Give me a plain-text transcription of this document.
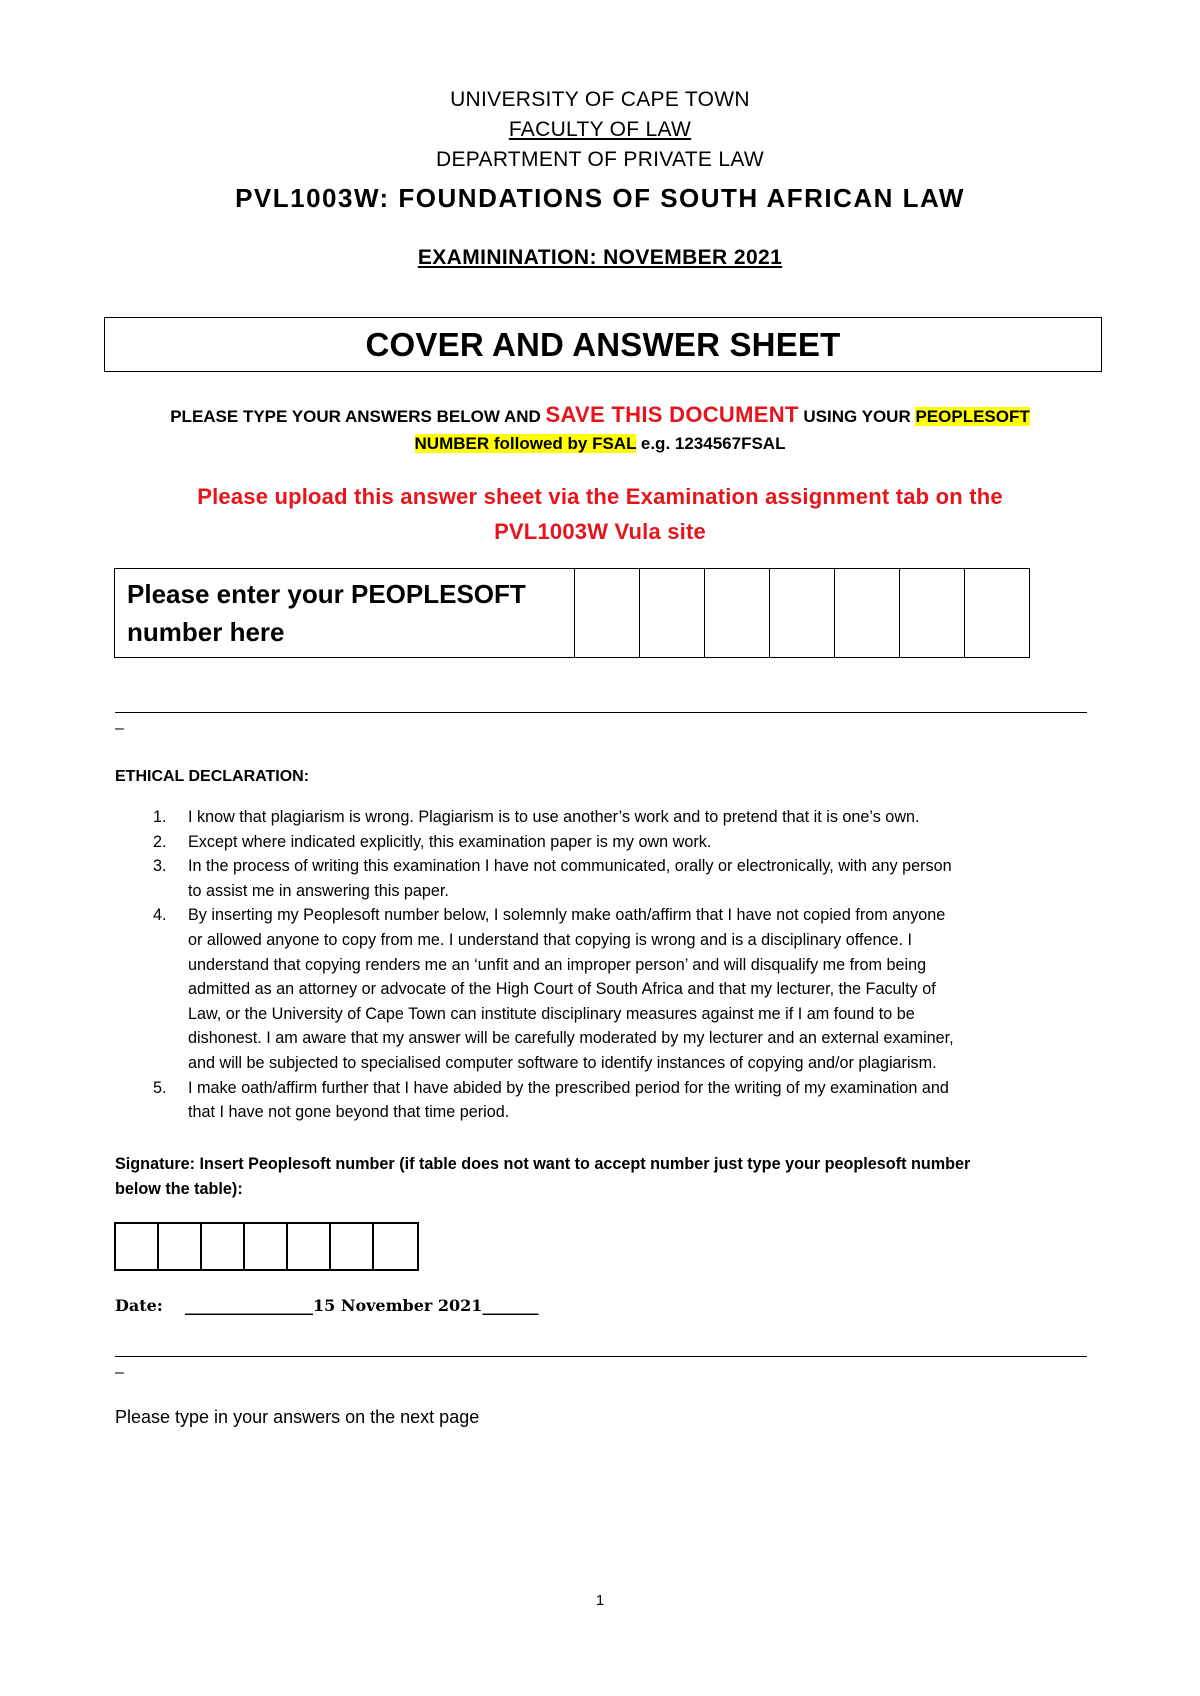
UNIVERSITY OF CAPE TOWN
FACULTY OF LAW
DEPARTMENT OF PRIVATE LAW
PVL1003W: FOUNDATIONS OF SOUTH AFRICAN LAW
EXAMININATION: NOVEMBER 2021
COVER AND ANSWER SHEET
PLEASE TYPE YOUR ANSWERS BELOW AND SAVE THIS DOCUMENT USING YOUR PEOPLESOFT
NUMBER followed by FSAL e.g. 1234567FSAL
Please upload this answer sheet via the Examination assignment tab on the
PVL1003W Vula site
Please enter your PEOPLESOFT
number here

–
ETHICAL DECLARATION:
1. I know that plagiarism is wrong. Plagiarism is to use another’s work and to pretend that it is one’s own.
2. Except where indicated explicitly, this examination paper is my own work.
3. In the process of writing this examination I have not communicated, orally or electronically, with any person
to assist me in answering this paper.
4. By inserting my Peoplesoft number below, I solemnly make oath/affirm that I have not copied from anyone
or allowed anyone to copy from me. I understand that copying is wrong and is a disciplinary offence. I
understand that copying renders me an ‘unfit and an improper person’ and will disqualify me from being
admitted as an attorney or advocate of the High Court of South Africa and that my lecturer, the Faculty of
Law, or the University of Cape Town can institute disciplinary measures against me if I am found to be
dishonest. I am aware that my answer will be carefully moderated by my lecturer and an external examiner,
and will be subjected to specialised computer software to identify instances of copying and/or plagiarism.
5. I make oath/affirm further that I have abided by the prescribed period for the writing of my examination and
that I have not gone beyond that time period.
Signature: Insert Peoplesoft number (if table does not want to accept number just type your peoplesoft number
below the table):
Date: ________________15 November 2021_______
–
Please type in your answers on the next page
1
